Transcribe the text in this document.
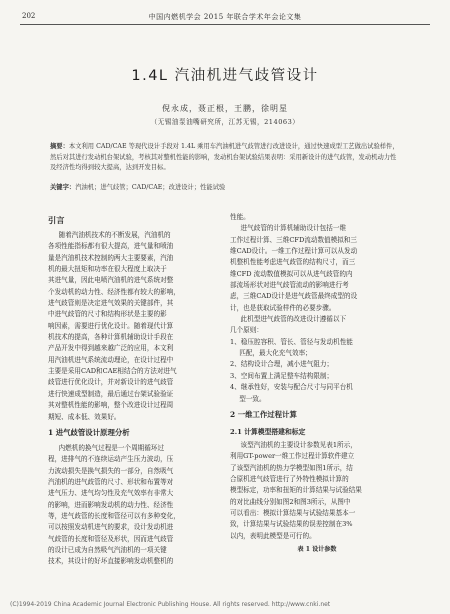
202	中国内燃机学会 2015 年联合学术年会论文集
1.4L 汽油机进气歧管设计
倪永成，聂正根，王鹏，徐明星
（无锡油泵油嘴研究所，江苏无锡，214063）
摘要：本文利用 CAD/CAE 等现代设计手段对 1.4L 乘用车汽油机进气歧管进行改进设计，通过快速成型工艺做出试验样件，然后对其进行发动机台架试验，考核其对整机性能的影响，发动机台架试验结果表明：采用新设计的进气歧管，发动机动力性及经济性均得到较大提高，达到开发目标。
关键字：汽油机；进气歧管；CAD/CAE；改进设计；性能试验
引言
随着汽油机技术的不断发展，汽油机的
各项性能指标都有很大提高，进气量和喷油
量是汽油机技术控制的两大主要要素，汽油
机的最大扭矩和功率在很大程度上取决于
其进气量，因此电喷汽油机的进气系统对整
个发动机的动力性、经济性都有较大的影响，
进气歧管则是决定进气效果的关键部件，其
中进气歧管的尺寸和结构形状是主要的影
响因素，需要进行优化设计。随着现代计算
机技术的提高，各种计算机辅助设计手段在
产品开发中得到越来越广泛的应用，本文利
用汽油机进气系统流动理论，在设计过程中
主要是采用CAD和CAE相结合的方法对进气
歧管进行优化设计，并对新设计的进气歧管
进行快速成型制造，最后通过台架试验验证
其对整机性能的影响，整个改进设计过程周
期短、成本低、效果好。
1 进气歧管设计原理分析
内燃机的换气过程是一个周期循环过
程，进排气的不连续运动产生压力波动，压
力波动损失是换气损失的一部分，自然吸气
汽油机的进气歧管的尺寸、形状和布置等对
进气压力、进气均匀性及充气效率有非常大
的影响，进而影响发动机的动力性、经济性
等，进气歧管的长度和管径可以有多种变化，
可以按照发动机进气的要求，设计发动机进
气歧管的长度和管径及形状，因而进气歧管
的设计已成为自然吸气汽油机的一项关键
技术，其设计的好坏直接影响发动机整机的
性能。
进气歧管的计算机辅助设计包括一维
工作过程计算、三维CFD流动数值模拟和三
维CAD设计。一维工作过程计算可以从发动
机整机性能考虑进气歧管的结构尺寸，而三
维CFD 流动数值模拟可以从进气歧管的内
部流场形状对进气歧管流动的影响进行考
虑，三维CAD设计是进气歧管最终成型的设
计，也是获取试验样件的必要步骤。
此机型进气歧管的改进设计遵循以下
几个原则：
1、稳压腔容积、管长、管径与发动机性能
匹配，最大化充气效率；
2、结构设计合理，减小进气阻力；
3、空间布置上满足整车结构限制；
4、继承性好，安装与配合尺寸与同平台机
型一致。
2 一维工作过程计算
2.1 计算模型搭建和标定
该型汽油机的主要设计参数见表1所示，
利用GT-power一维工作过程计算软件建立
了该型汽油机的热力学模型如图1所示，结
合原机进气歧管进行了外特性模拟计算的
模型标定，功率和扭矩的计算结果与试验结果
的对比曲线分别如图2和图3所示，从图中
可以看出：模拟计算结果与试验结果基本一
致，计算结果与试验结果的误差控制在3%
以内，表明此模型是可行的。
表 1 设计参数
(C)1994-2019 China Academic Journal Electronic Publishing House. All rights reserved. http://www.cnki.net
